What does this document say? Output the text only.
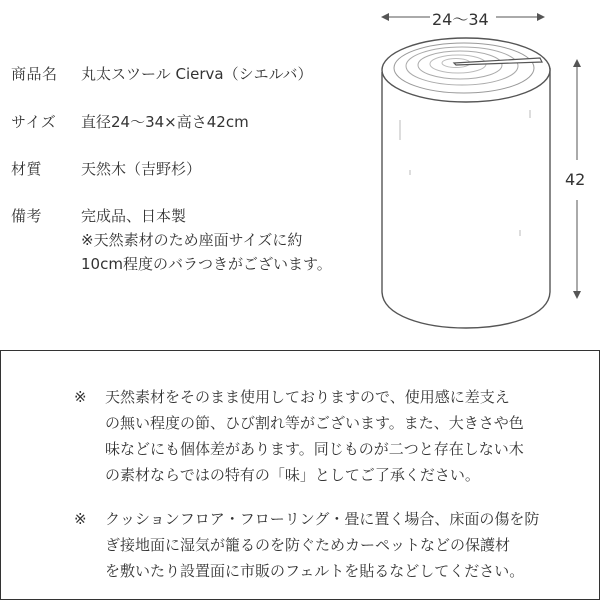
商品名	丸太スツール Cierva（シエルバ）
サイズ	直径24〜34×高さ42cm
材質	天然木（吉野杉）
備考	完成品、日本製
※天然素材のため座面サイズに約
10cm程度のバラつきがございます。
24〜34
42
※ 天然素材をそのまま使用しておりますので、使用感に差支え
の無い程度の節、ひび割れ等がございます。また、大きさや色
味などにも個体差があります。同じものが二つと存在しない木
の素材ならではの特有の「味」としてご了承ください。
※ クッションフロア・フローリング・畳に置く場合、床面の傷を防
ぎ接地面に湿気が籠るのを防ぐためカーペットなどの保護材
を敷いたり設置面に市販のフェルトを貼るなどしてください。
